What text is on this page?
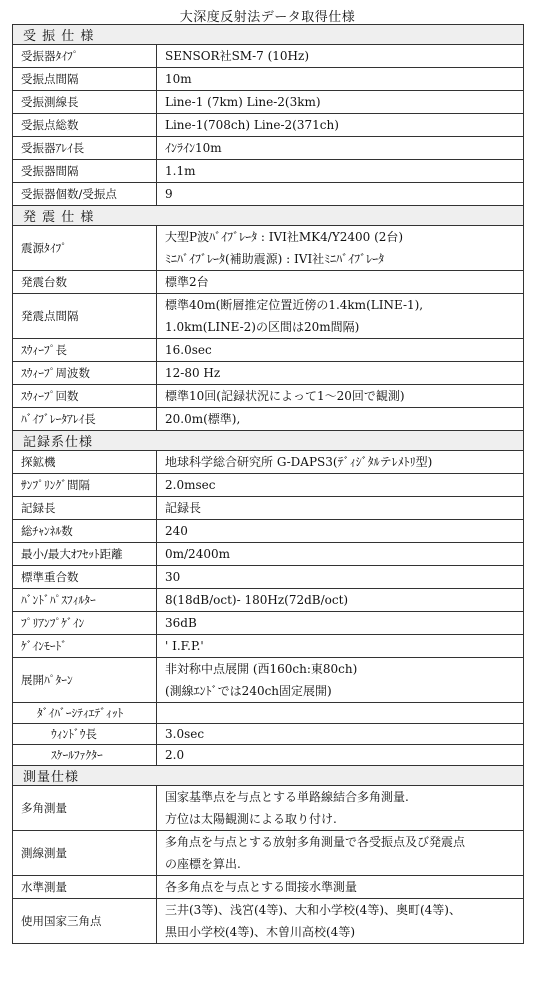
大深度反射法データ取得仕様
受 振 仕 様	
受振器ﾀｲﾌﾟ	SENSOR社SM-7 (10Hz)

受振点間隔	10m

受振測線長	Line-1 (7km) Line-2(3km)

受振点総数	Line-1(708ch) Line-2(371ch)

受振器ｱﾚｲ長	ｲﾝﾗｲﾝ10m

受振器間隔	1.1m

受振器個数/受振点	9

発 震 仕 様	
震源ﾀｲﾌﾟ	大型P波ﾊﾞｲﾌﾞﾚｰﾀ : IVI社MK4/Y2400 (2台)
ﾐﾆﾊﾞｲﾌﾞﾚｰﾀ(補助震源) : IVI社ﾐﾆﾊﾞｲﾌﾞﾚｰﾀ

発震台数	標準2台

発震点間隔	標準40m(断層推定位置近傍の1.4km(LINE-1),
1.0km(LINE-2)の区間は20m間隔)

ｽｳｨｰﾌﾟ長	16.0sec

ｽｳｨｰﾌﾟ周波数	12-80 Hz

ｽｳｨｰﾌﾟ回数	標準10回(記録状況によって1〜20回で観測)

ﾊﾞｲﾌﾞﾚｰﾀｱﾚｲ長	20.0m(標準),

記録系仕様	
探鉱機	地球科学総合研究所 G-DAPS3(ﾃﾞｨｼﾞﾀﾙテﾚﾒﾄﾘ型)

ｻﾝﾌﾟﾘﾝｸﾞ間隔	2.0msec

記録長	記録長

総ﾁｬﾝﾈﾙ数	240

最小/最大ｵﾌｾｯﾄ距離	0m/2400m

標準重合数	30

ﾊﾞﾝﾄﾞﾊﾟｽﾌｨﾙﾀｰ	8(18dB/oct)- 180Hz(72dB/oct)

ﾌﾟﾘｱﾝﾌﾟｹﾞｲﾝ	36dB

ｹﾞｲﾝﾓｰﾄﾞ	' I.F.P.'

展開ﾊﾟﾀｰﾝ	非対称中点展開 (西160ch:東80ch)
(測線ｴﾝﾄﾞでは240ch固定展開)

ﾀﾞｲﾊﾞｰｼﾃｨｴﾃﾞｨｯﾄ	
ｳｨﾝﾄﾞｳ長	3.0sec
ｽｹｰﾙﾌｧｸﾀｰ	2.0
測量仕様	
多角測量	国家基準点を与点とする単路線結合多角測量.
方位は太陽観測による取り付け.

測線測量	多角点を与点とする放射多角測量で各受振点及び発震点
の座標を算出.

水準測量	各多角点を与点とする間接水準測量

使用国家三角点	三井(3等)、浅宮(4等)、大和小学校(4等)、奥町(4等)、
黒田小学校(4等)、木曽川高校(4等)
